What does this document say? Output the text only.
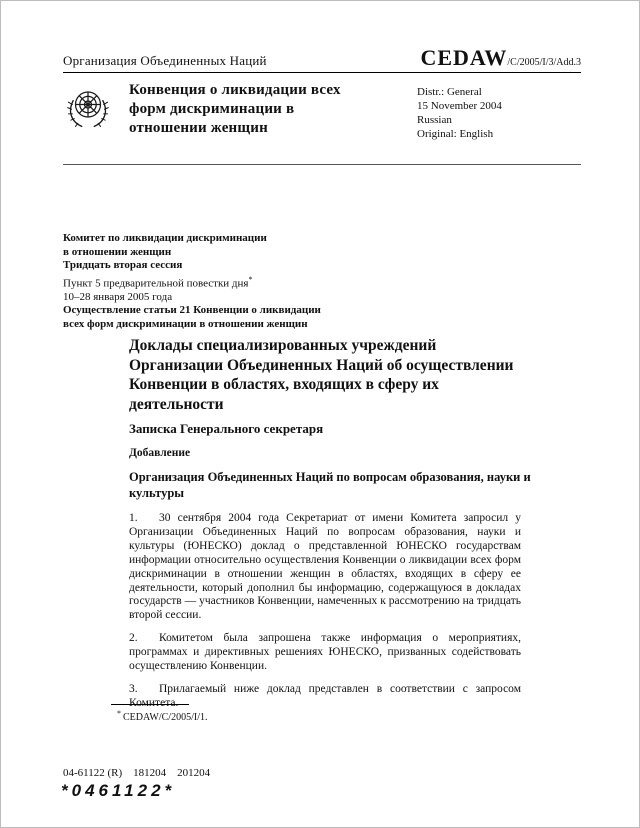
Организация Объединенных Наций	CEDAW/C/2005/I/3/Add.3
Конвенция о ликвидации всех
форм дискриминации в
отношении женщин
Distr.: General
15 November 2004
Russian
Original: English
Комитет по ликвидации дискриминации
в отношении женщин
Тридцать вторая сессия
Пункт 5 предварительной повестки дня*
10–28 января 2005 года
Осуществление статьи 21 Конвенции о ликвидации
всех форм дискриминации в отношении женщин
Доклады специализированных учреждений
Организации Объединенных Наций об осуществлении
Конвенции в областях, входящих в сферу их
деятельности
Записка Генерального секретаря
Добавление
Организация Объединенных Наций по вопросам образования, науки и культуры
1. 30 сентября 2004 года Секретариат от имени Комитета запросил у Организации Объединенных Наций по вопросам образования, науки и культуры (ЮНЕСКО) доклад о представленной ЮНЕСКО государствам информации относительно осуществления Конвенции о ликвидации всех форм дискриминации в отношении женщин в областях, входящих в сферу ее деятельности, который дополнил бы информацию, содержащуюся в докладах государств — участников Конвенции, намеченных к рассмотрению на тридцать второй сессии.
2. Комитетом была запрошена также информация о мероприятиях, программах и директивных решениях ЮНЕСКО, призванных содействовать осуществлению Конвенции.
3. Прилагаемый ниже доклад представлен в соответствии с запросом Комитета.
* CEDAW/C/2005/I/1.
04-61122 (R)    181204    201204
*0461122*
